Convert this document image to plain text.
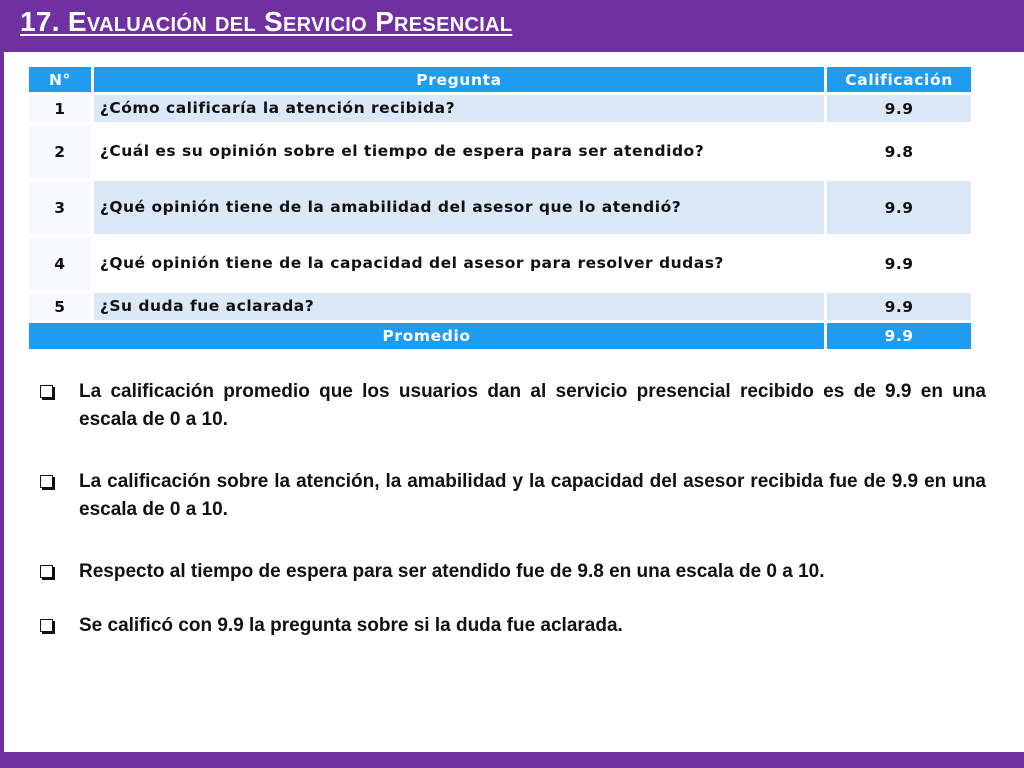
17. Evaluación del Servicio Presencial
N°	Pregunta	Calificación
1	¿Cómo calificaría la atención recibida?	9.9
2	¿Cuál es su opinión sobre el tiempo de espera para ser atendido?	9.8
3	¿Qué opinión tiene de la amabilidad del asesor que lo atendió?	9.9
4	¿Qué opinión tiene de la capacidad del asesor para resolver dudas?	9.9
5	¿Su duda fue aclarada?	9.9
Promedio		9.9
La calificación promedio que los usuarios dan al servicio presencial recibido es de 9.9 en una escala de 0 a 10.
La calificación sobre la atención, la amabilidad y la capacidad del asesor recibida fue de 9.9 en una escala de 0 a 10.
Respecto al tiempo de espera para ser atendido fue de 9.8 en una escala de 0 a 10.
Se calificó con 9.9 la pregunta sobre si la duda fue aclarada.
